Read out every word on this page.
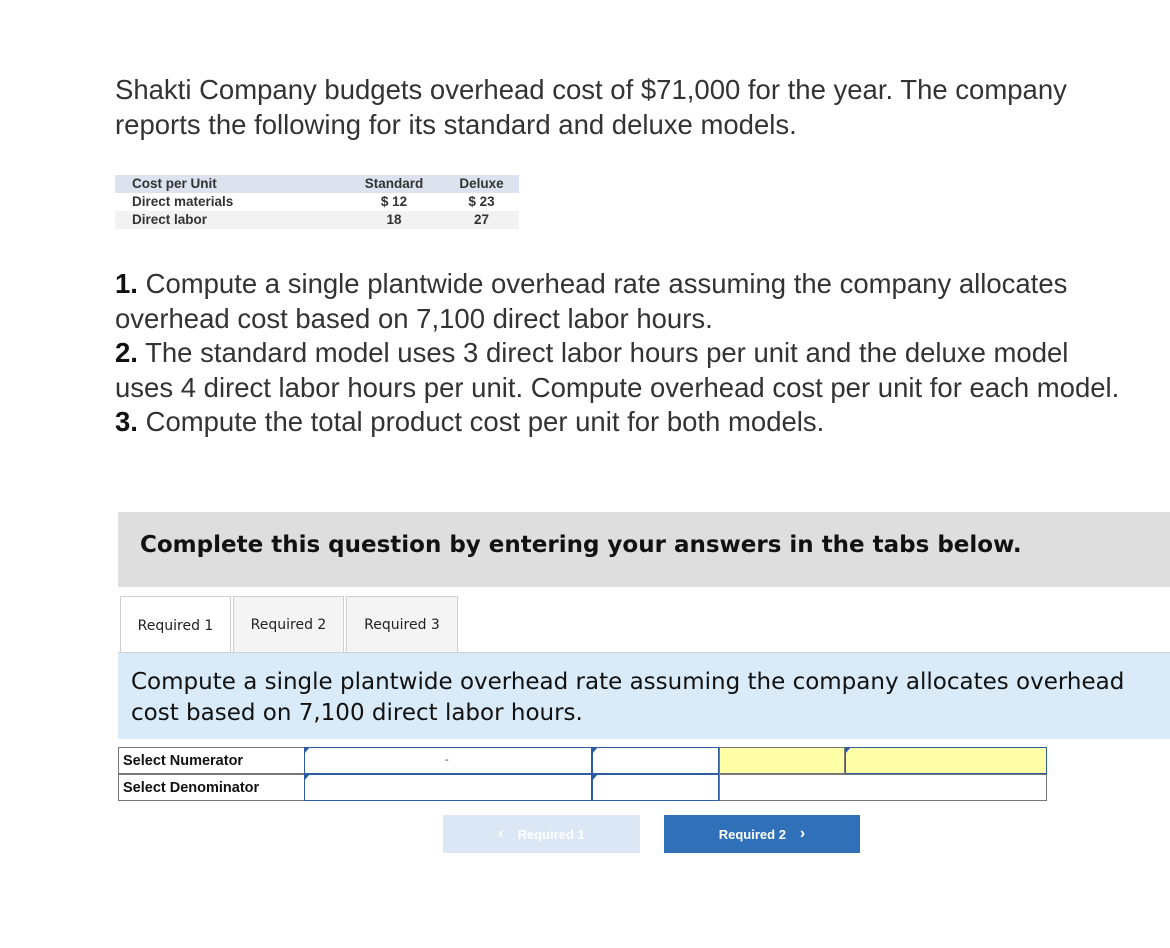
Shakti Company budgets overhead cost of $71,000 for the year. The company reports the following for its standard and deluxe models.
Cost per Unit	Standard	Deluxe
Direct materials	$ 12	$ 23
Direct labor	18	27
1. Compute a single plantwide overhead rate assuming the company allocates overhead cost based on 7,100 direct labor hours.
2. The standard model uses 3 direct labor hours per unit and the deluxe model uses 4 direct labor hours per unit. Compute overhead cost per unit for each model.
3. Compute the total product cost per unit for both models.
Complete this question by entering your answers in the tabs below.
Required 1	Required 2	Required 3
Compute a single plantwide overhead rate assuming the company allocates overhead cost based on 7,100 direct labor hours.
Select Numerator	-
Select Denominator
‹ Required 1	Required 2 ›
